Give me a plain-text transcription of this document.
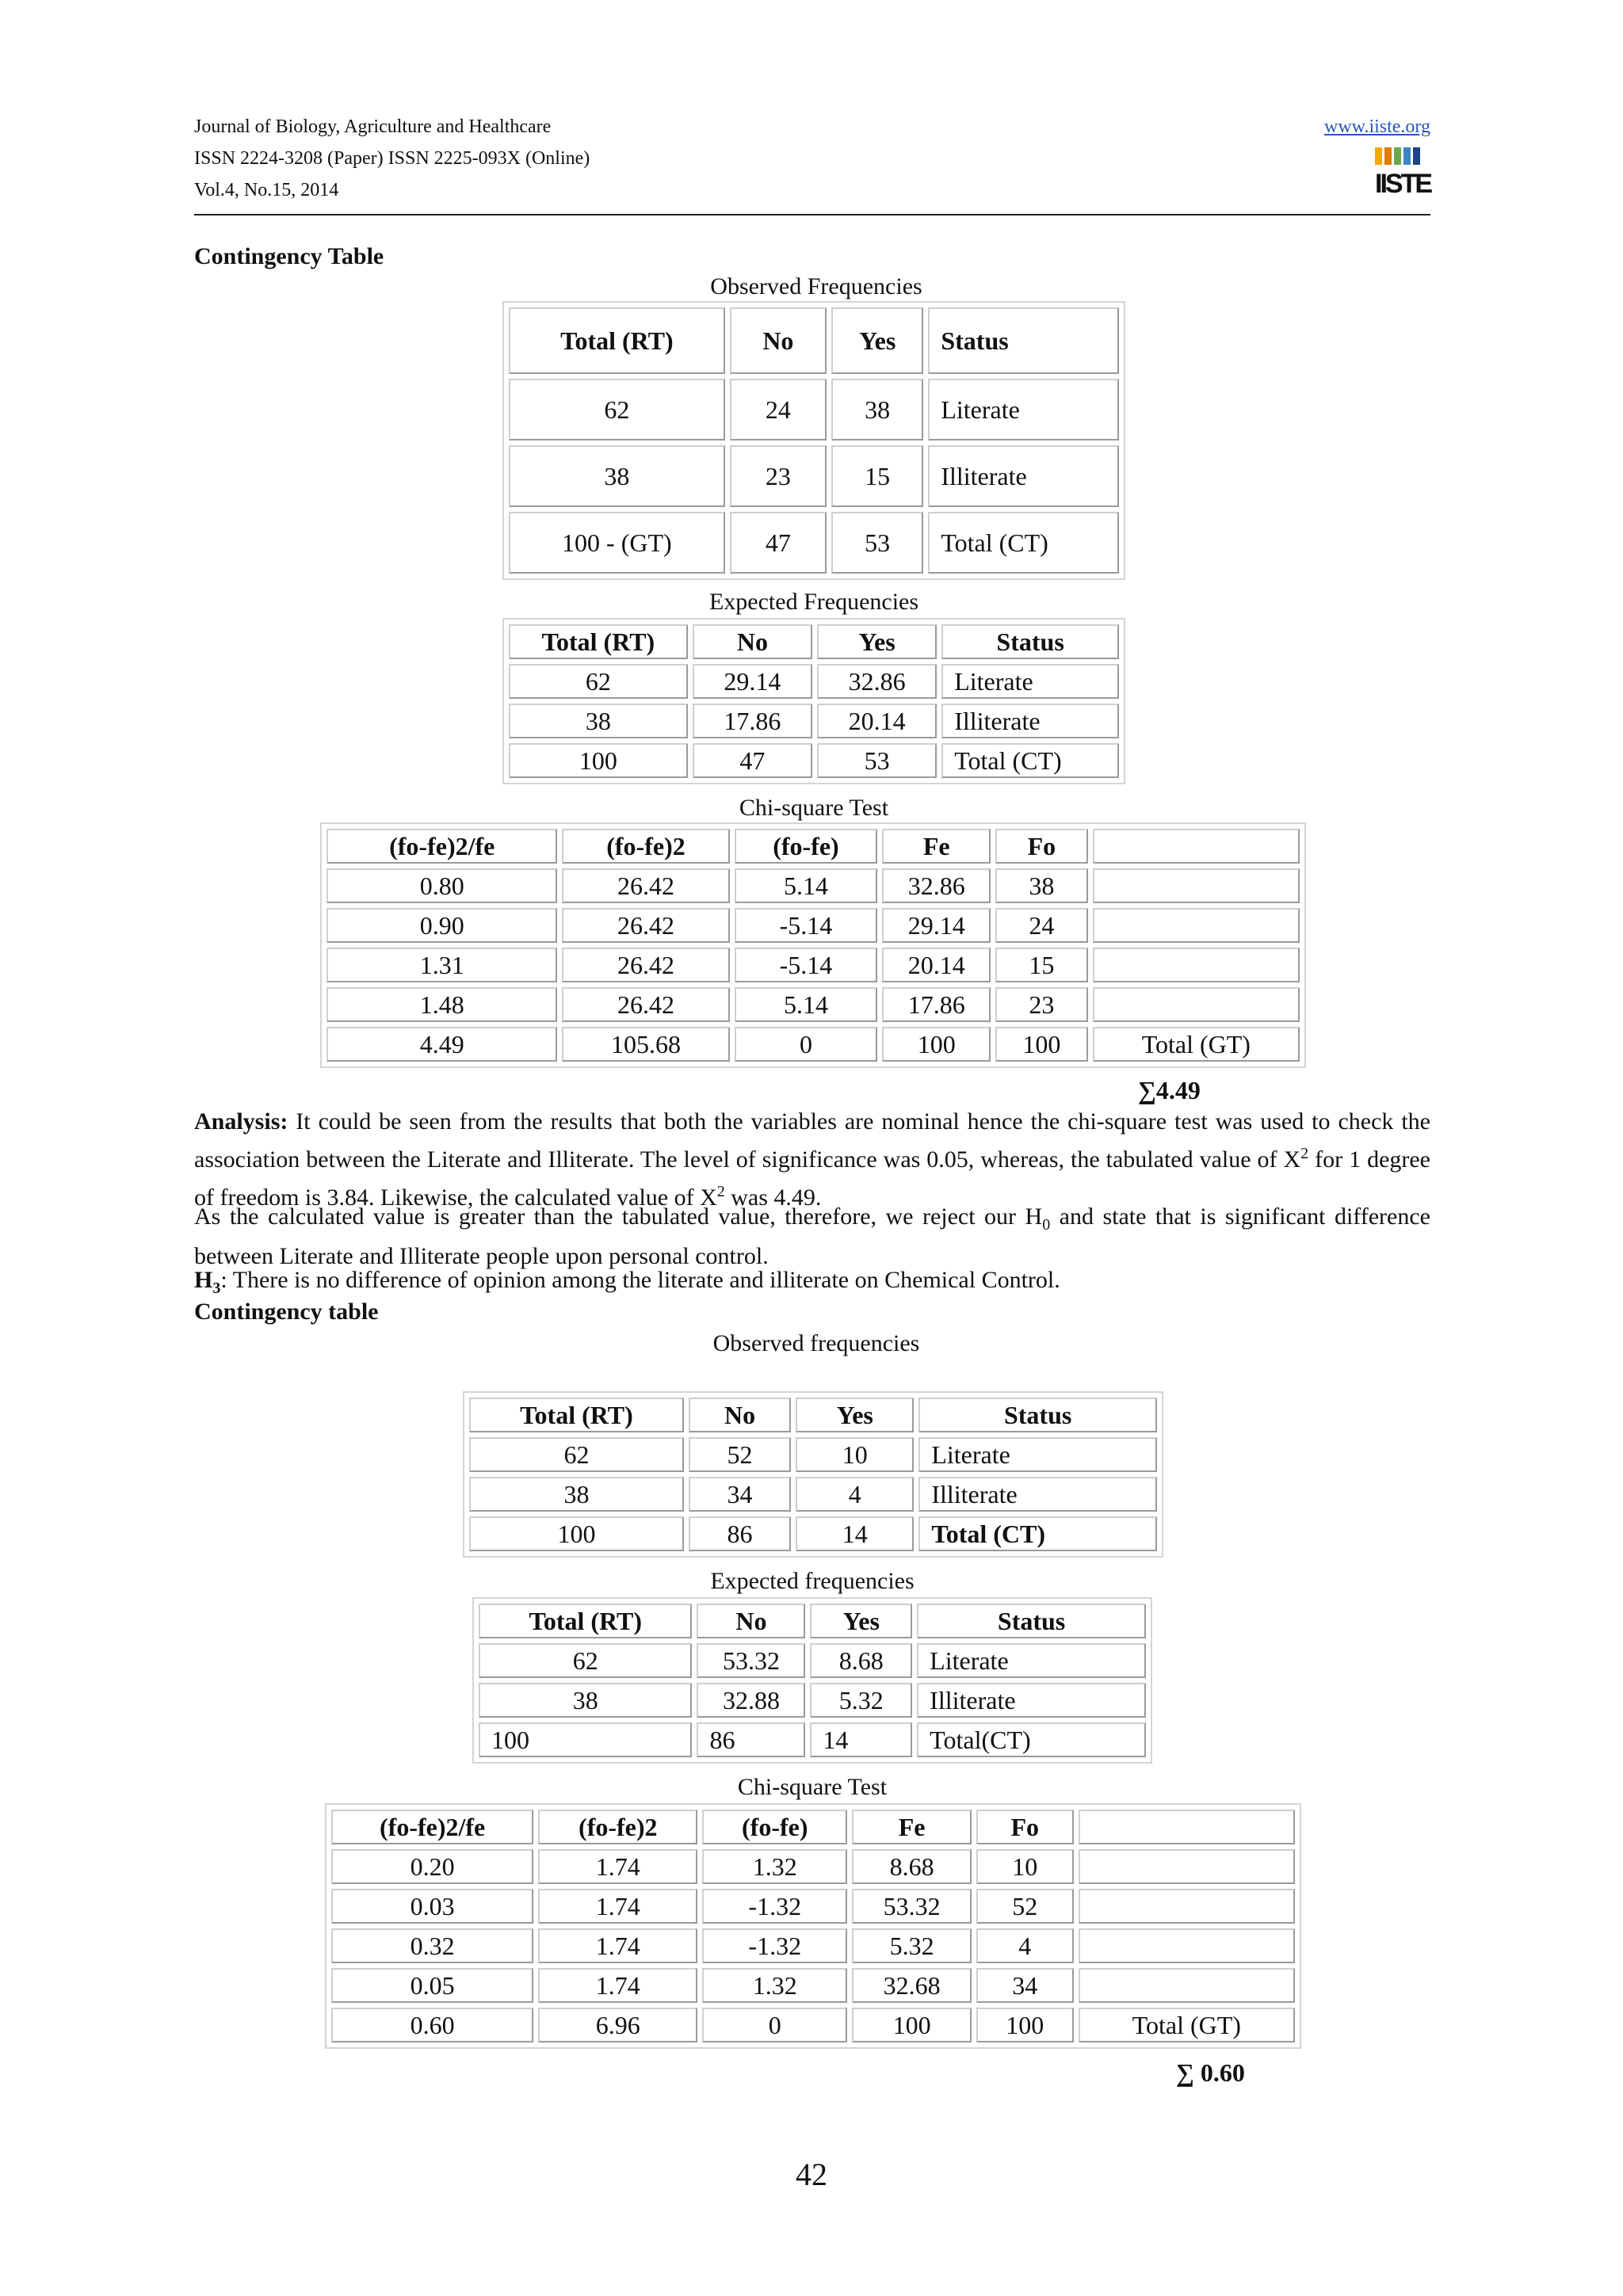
Journal of Biology, Agriculture and Healthcare
ISSN 2224-3208 (Paper) ISSN 2225-093X (Online)
Vol.4, No.15, 2014
www.iiste.org
IISTE
Contingency Table
Observed Frequencies
Total (RT)	No	Yes	Status
62	24	38	Literate
38	23	15	Illiterate
100 - (GT)	47	53	Total (CT)
Expected Frequencies
Total (RT)	No	Yes	Status
62	29.14	32.86	Literate
38	17.86	20.14	Illiterate
100	47	53	Total (CT)
Chi-square Test
(fo-fe)2/fe	(fo-fe)2	(fo-fe)	Fe	Fo	
0.80	26.42	5.14	32.86	38	
0.90	26.42	-5.14	29.14	24	
1.31	26.42	-5.14	20.14	15	
1.48	26.42	5.14	17.86	23	
4.49	105.68	0	100	100	Total (GT)
∑4.49
Analysis: It could be seen from the results that both the variables are nominal hence the chi-square test was used to check the association between the Literate and Illiterate. The level of significance was 0.05, whereas, the tabulated value of $X^2$ for 1 degree of freedom is 3.84. Likewise, the calculated value of $X^2$ was 4.49.
As the calculated value is greater than the tabulated value, therefore, we reject our $H_0$ and state that is significant difference between Literate and Illiterate people upon personal control.
$H_3$: There is no difference of opinion among the literate and illiterate on Chemical Control.
Contingency table
Observed frequencies
Total (RT)	No	Yes	Status
62	52	10	Literate
38	34	4	Illiterate
100	86	14	Total (CT)
Expected frequencies
Total (RT)	No	Yes	Status
62	53.32	8.68	Literate
38	32.88	5.32	Illiterate
100	86	14	Total(CT)
Chi-square Test
(fo-fe)2/fe	(fo-fe)2	(fo-fe)	Fe	Fo	
0.20	1.74	1.32	8.68	10	
0.03	1.74	-1.32	53.32	52	
0.32	1.74	-1.32	5.32	4	
0.05	1.74	1.32	32.68	34	
0.60	6.96	0	100	100	Total (GT)
∑ 0.60
42
